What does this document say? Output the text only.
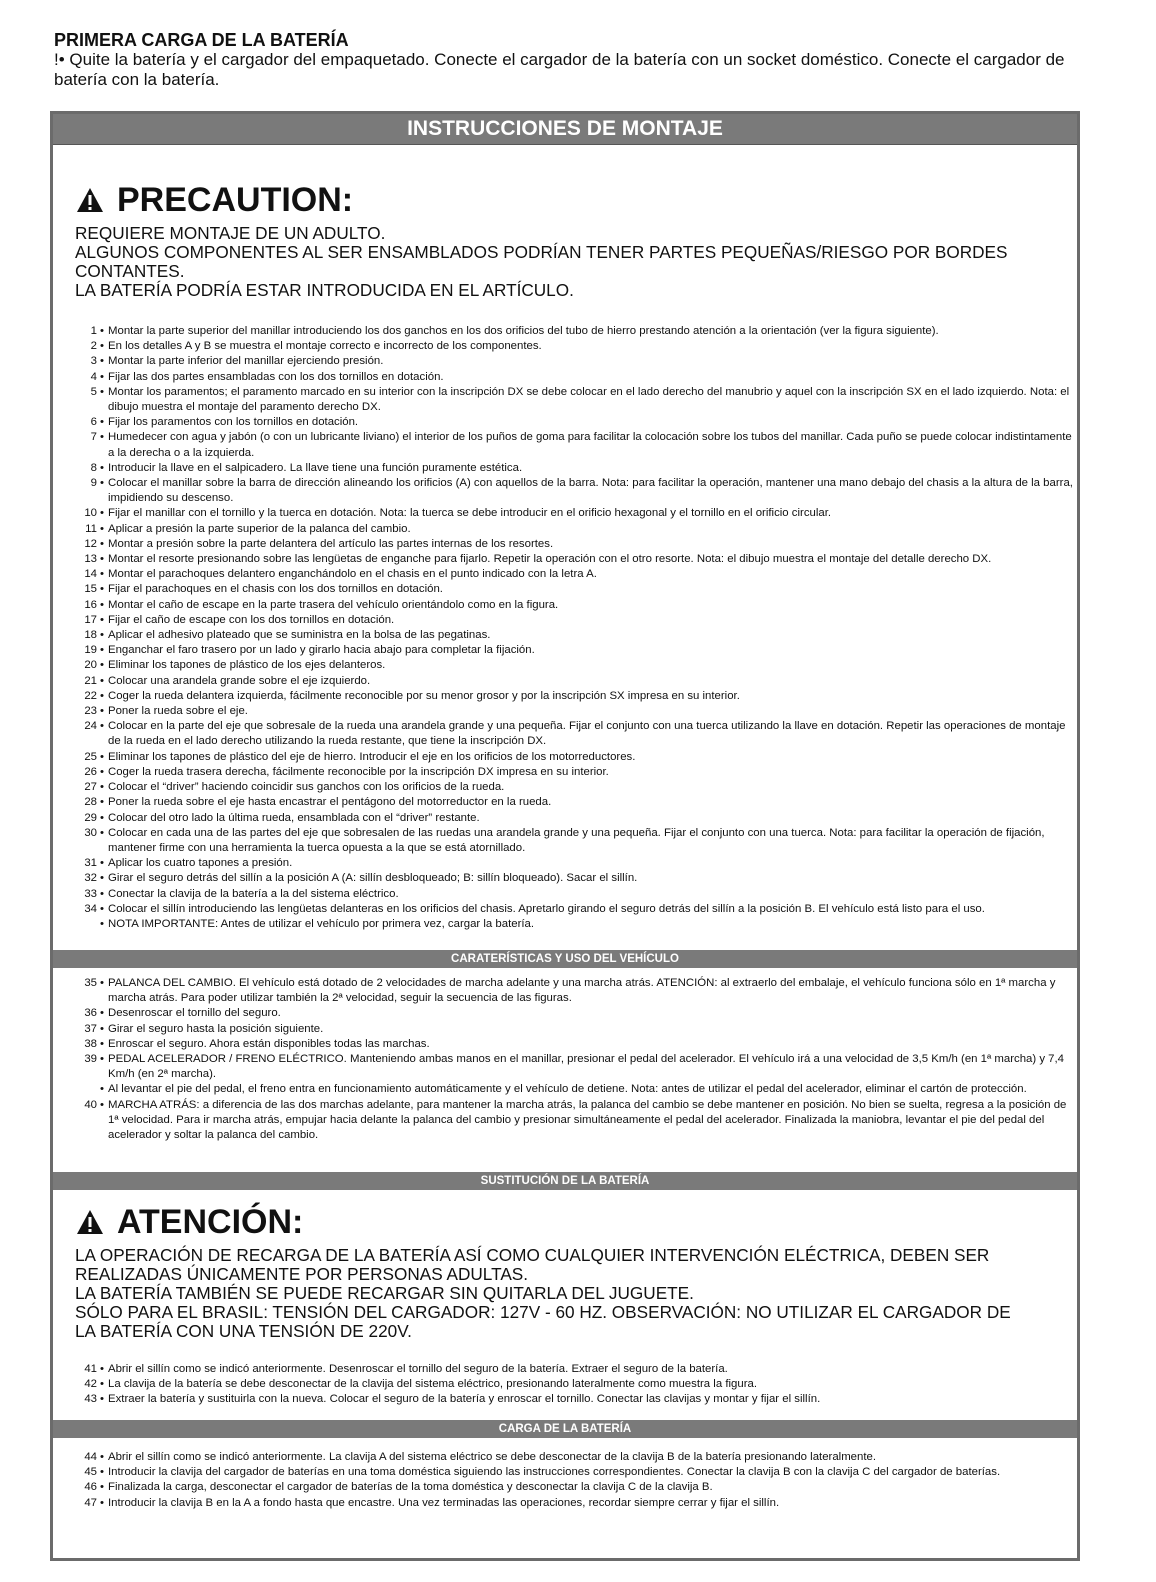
PRIMERA CARGA DE LA BATERÍA
!• Quite la batería y el cargador del empaquetado. Conecte el cargador de la batería con un socket doméstico. Conecte el cargador de batería con la batería.
INSTRUCCIONES DE MONTAJE
PRECAUTION:
REQUIERE MONTAJE DE UN ADULTO.
ALGUNOS COMPONENTES AL SER ENSAMBLADOS PODRÍAN TENER PARTES PEQUEÑAS/RIESGO POR BORDES CONTANTES.
LA BATERÍA PODRÍA ESTAR INTRODUCIDA EN EL ARTÍCULO.
1 • Montar la parte superior del manillar introduciendo los dos ganchos en los dos orificios del tubo de hierro prestando atención a la orientación (ver la figura siguiente).
2 • En los detalles A y B se muestra el montaje correcto e incorrecto de los componentes.
3 • Montar la parte inferior del manillar ejerciendo presión.
4 • Fijar las dos partes ensambladas con los dos tornillos en dotación.
5 • Montar los paramentos; el paramento marcado en su interior con la inscripción DX se debe colocar en el lado derecho del manubrio y aquel con la inscripción SX en el lado izquierdo. Nota: el dibujo muestra el montaje del paramento derecho DX.
6 • Fijar los paramentos con los tornillos en dotación.
7 • Humedecer con agua y jabón (o con un lubricante liviano) el interior de los puños de goma para facilitar la colocación sobre los tubos del manillar. Cada puño se puede colocar indistintamente a la derecha o a la izquierda.
8 • Introducir la llave en el salpicadero. La llave tiene una función puramente estética.
9 • Colocar el manillar sobre la barra de dirección alineando los orificios (A) con aquellos de la barra. Nota: para facilitar la operación, mantener una mano debajo del chasis a la altura de la barra, impidiendo su descenso.
10 • Fijar el manillar con el tornillo y la tuerca en dotación. Nota: la tuerca se debe introducir en el orificio hexagonal y el tornillo en el orificio circular.
11 • Aplicar a presión la parte superior de la palanca del cambio.
12 • Montar a presión sobre la parte delantera del artículo las partes internas de los resortes.
13 • Montar el resorte presionando sobre las lengüetas de enganche para fijarlo. Repetir la operación con el otro resorte. Nota: el dibujo muestra el montaje del detalle derecho DX.
14 • Montar el parachoques delantero enganchándolo en el chasis en el punto indicado con la letra A.
15 • Fijar el parachoques en el chasis con los dos tornillos en dotación.
16 • Montar el caño de escape en la parte trasera del vehículo orientándolo como en la figura.
17 • Fijar el caño de escape con los dos tornillos en dotación.
18 • Aplicar el adhesivo plateado que se suministra en la bolsa de las pegatinas.
19 • Enganchar el faro trasero por un lado y girarlo hacia abajo para completar la fijación.
20 • Eliminar los tapones de plástico de los ejes delanteros.
21 • Colocar una arandela grande sobre el eje izquierdo.
22 • Coger la rueda delantera izquierda, fácilmente reconocible por su menor grosor y por la inscripción SX impresa en su interior.
23 • Poner la rueda sobre el eje.
24 • Colocar en la parte del eje que sobresale de la rueda una arandela grande y una pequeña. Fijar el conjunto con una tuerca utilizando la llave en dotación. Repetir las operaciones de montaje de la rueda en el lado derecho utilizando la rueda restante, que tiene la inscripción DX.
25 • Eliminar los tapones de plástico del eje de hierro. Introducir el eje en los orificios de los motorreductores.
26 • Coger la rueda trasera derecha, fácilmente reconocible por la inscripción DX impresa en su interior.
27 • Colocar el “driver” haciendo coincidir sus ganchos con los orificios de la rueda.
28 • Poner la rueda sobre el eje hasta encastrar el pentágono del motorreductor en la rueda.
29 • Colocar del otro lado la última rueda, ensamblada con el “driver” restante.
30 • Colocar en cada una de las partes del eje que sobresalen de las ruedas una arandela grande y una pequeña. Fijar el conjunto con una tuerca. Nota: para facilitar la operación de fijación, mantener firme con una herramienta la tuerca opuesta a la que se está atornillado.
31 • Aplicar los cuatro tapones a presión.
32 • Girar el seguro detrás del sillín a la posición A (A: sillín desbloqueado; B: sillín bloqueado). Sacar el sillín.
33 • Conectar la clavija de la batería a la del sistema eléctrico.
34 • Colocar el sillín introduciendo las lengüetas delanteras en los orificios del chasis. Apretarlo girando el seguro detrás del sillín a la posición B. El vehículo está listo para el uso.
• NOTA IMPORTANTE: Antes de utilizar el vehículo por primera vez, cargar la batería.
CARATERÍSTICAS Y USO DEL VEHÍCULO
35 • PALANCA DEL CAMBIO. El vehículo está dotado de 2 velocidades de marcha adelante y una marcha atrás. ATENCIÓN: al extraerlo del embalaje, el vehículo funciona sólo en 1ª marcha y marcha atrás. Para poder utilizar también la 2ª velocidad, seguir la secuencia de las figuras.
36 • Desenroscar el tornillo del seguro.
37 • Girar el seguro hasta la posición siguiente.
38 • Enroscar el seguro. Ahora están disponibles todas las marchas.
39 • PEDAL ACELERADOR / FRENO ELÉCTRICO. Manteniendo ambas manos en el manillar, presionar el pedal del acelerador. El vehículo irá a una velocidad de 3,5 Km/h (en 1ª marcha) y 7,4 Km/h (en 2ª marcha).
• Al levantar el pie del pedal, el freno entra en funcionamiento automáticamente y el vehículo de detiene. Nota: antes de utilizar el pedal del acelerador, eliminar el cartón de protección.
40 • MARCHA ATRÁS: a diferencia de las dos marchas adelante, para mantener la marcha atrás, la palanca del cambio se debe mantener en posición. No bien se suelta, regresa a la posición de 1ª velocidad. Para ir marcha atrás, empujar hacia delante la palanca del cambio y presionar simultáneamente el pedal del acelerador. Finalizada la maniobra, levantar el pie del pedal del acelerador y soltar la palanca del cambio.
SUSTITUCIÓN DE LA BATERÍA
ATENCIÓN:
LA OPERACIÓN DE RECARGA DE LA BATERÍA ASÍ COMO CUALQUIER INTERVENCIÓN ELÉCTRICA, DEBEN SER REALIZADAS ÚNICAMENTE POR PERSONAS ADULTAS.
LA BATERÍA TAMBIÉN SE PUEDE RECARGAR SIN QUITARLA DEL JUGUETE.
SÓLO PARA EL BRASIL: TENSIÓN DEL CARGADOR: 127V - 60 HZ. OBSERVACIÓN: NO UTILIZAR EL CARGADOR DE LA BATERÍA CON UNA TENSIÓN DE 220V.
41 • Abrir el sillín como se indicó anteriormente. Desenroscar el tornillo del seguro de la batería. Extraer el seguro de la batería.
42 • La clavija de la batería se debe desconectar de la clavija del sistema eléctrico, presionando lateralmente como muestra la figura.
43 • Extraer la batería y sustituirla con la nueva. Colocar el seguro de la batería y enroscar el tornillo. Conectar las clavijas y montar y fijar el sillín.
CARGA DE LA BATERÍA
44 • Abrir el sillín como se indicó anteriormente. La clavija A del sistema eléctrico se debe desconectar de la clavija B de la batería presionando lateralmente.
45 • Introducir la clavija del cargador de baterías en una toma doméstica siguiendo las instrucciones correspondientes. Conectar la clavija B con la clavija C del cargador de baterías.
46 • Finalizada la carga, desconectar el cargador de baterías de la toma doméstica y desconectar la clavija C de la clavija B.
47 • Introducir la clavija B en la A a fondo hasta que encastre. Una vez terminadas las operaciones, recordar siempre cerrar y fijar el sillín.
